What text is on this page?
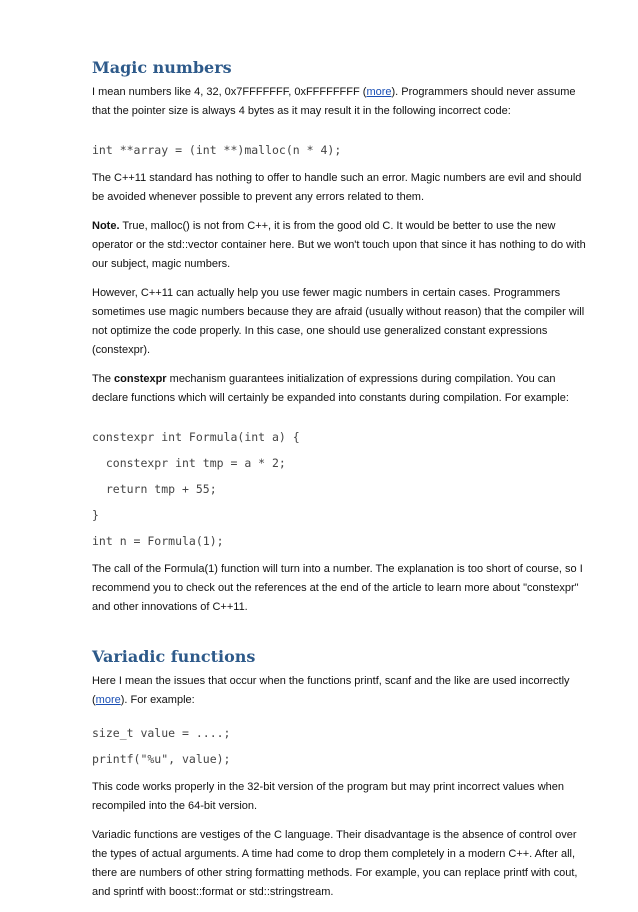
Magic numbers

I mean numbers like 4, 32, 0x7FFFFFFF, 0xFFFFFFFF (more). Programmers should never assume that the pointer size is always 4 bytes as it may result it in the following incorrect code:

int **array = (int **)malloc(n * 4);

The C++11 standard has nothing to offer to handle such an error. Magic numbers are evil and should be avoided whenever possible to prevent any errors related to them.

Note. True, malloc() is not from C++, it is from the good old C. It would be better to use the new operator or the std::vector container here. But we won't touch upon that since it has nothing to do with our subject, magic numbers.

However, C++11 can actually help you use fewer magic numbers in certain cases. Programmers sometimes use magic numbers because they are afraid (usually without reason) that the compiler will not optimize the code properly. In this case, one should use generalized constant expressions (constexpr).

The constexpr mechanism guarantees initialization of expressions during compilation. You can declare functions which will certainly be expanded into constants during compilation. For example:

constexpr int Formula(int a) {
constexpr int tmp = a * 2;
return tmp + 55;
}
int n = Formula(1);

The call of the Formula(1) function will turn into a number. The explanation is too short of course, so I recommend you to check out the references at the end of the article to learn more about "constexpr" and other innovations of C++11.

Variadic functions

Here I mean the issues that occur when the functions printf, scanf and the like are used incorrectly (more). For example:

size_t value = ....;
printf("%u", value);

This code works properly in the 32-bit version of the program but may print incorrect values when recompiled into the 64-bit version.

Variadic functions are vestiges of the C language. Their disadvantage is the absence of control over the types of actual arguments. A time had come to drop them completely in a modern C++. After all, there are numbers of other string formatting methods. For example, you can replace printf with cout, and sprintf with boost::format or std::stringstream.
